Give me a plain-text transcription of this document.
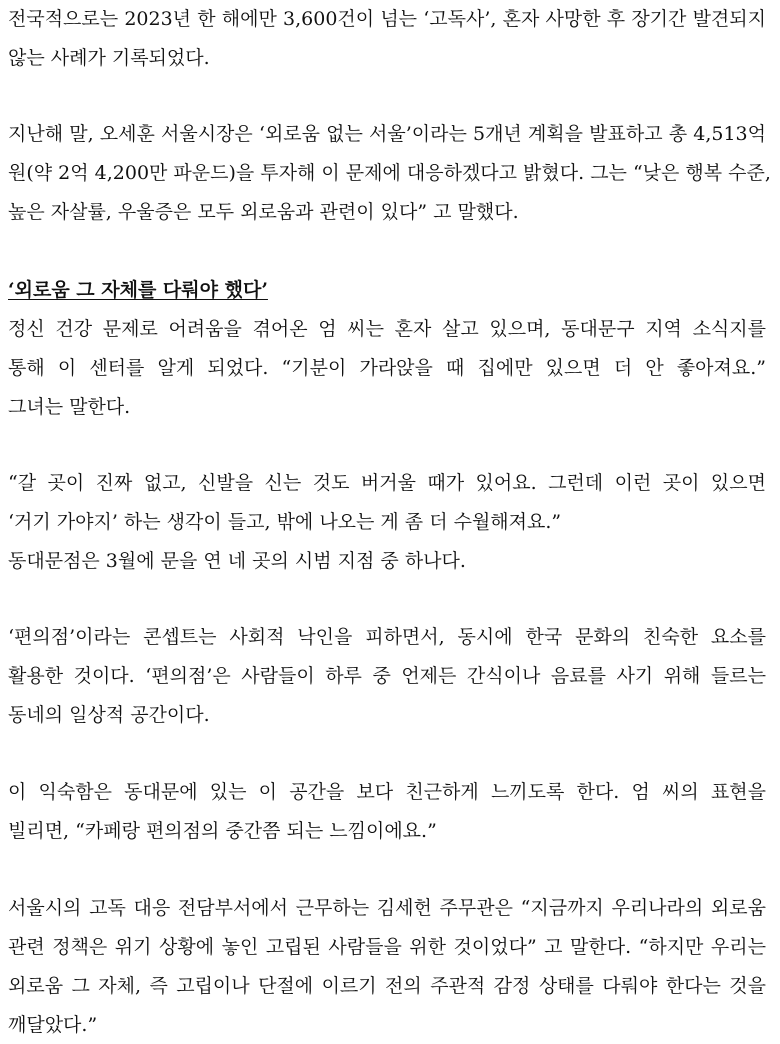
전국적으로는 2023년 한 해에만 3,600건이 넘는 ‘고독사’, 혼자 사망한 후 장기간 발견되지
않는 사례가 기록되었다.
지난해 말, 오세훈 서울시장은 ‘외로움 없는 서울’이라는 5개년 계획을 발표하고 총 4,513억
원(약 2억 4,200만 파운드)을 투자해 이 문제에 대응하겠다고 밝혔다. 그는 “낮은 행복 수준,
높은 자살률, 우울증은 모두 외로움과 관련이 있다” 고 말했다.
‘외로움 그 자체를 다뤄야 했다’
정신 건강 문제로 어려움을 겪어온 엄 씨는 혼자 살고 있으며, 동대문구 지역 소식지를
통해 이 센터를 알게 되었다. “기분이 가라앉을 때 집에만 있으면 더 안 좋아져요.”
그녀는 말한다.
“갈 곳이 진짜 없고, 신발을 신는 것도 버거울 때가 있어요. 그런데 이런 곳이 있으면
‘거기 가야지’ 하는 생각이 들고, 밖에 나오는 게 좀 더 수월해져요.”
동대문점은 3월에 문을 연 네 곳의 시범 지점 중 하나다.
‘편의점’이라는 콘셉트는 사회적 낙인을 피하면서, 동시에 한국 문화의 친숙한 요소를
활용한 것이다. ‘편의점’은 사람들이 하루 중 언제든 간식이나 음료를 사기 위해 들르는
동네의 일상적 공간이다.
이 익숙함은 동대문에 있는 이 공간을 보다 친근하게 느끼도록 한다. 엄 씨의 표현을
빌리면, “카페랑 편의점의 중간쯤 되는 느낌이에요.”
서울시의 고독 대응 전담부서에서 근무하는 김세헌 주무관은 “지금까지 우리나라의 외로움
관련 정책은 위기 상황에 놓인 고립된 사람들을 위한 것이었다” 고 말한다. “하지만 우리는
외로움 그 자체, 즉 고립이나 단절에 이르기 전의 주관적 감정 상태를 다뤄야 한다는 것을
깨달았다.”
